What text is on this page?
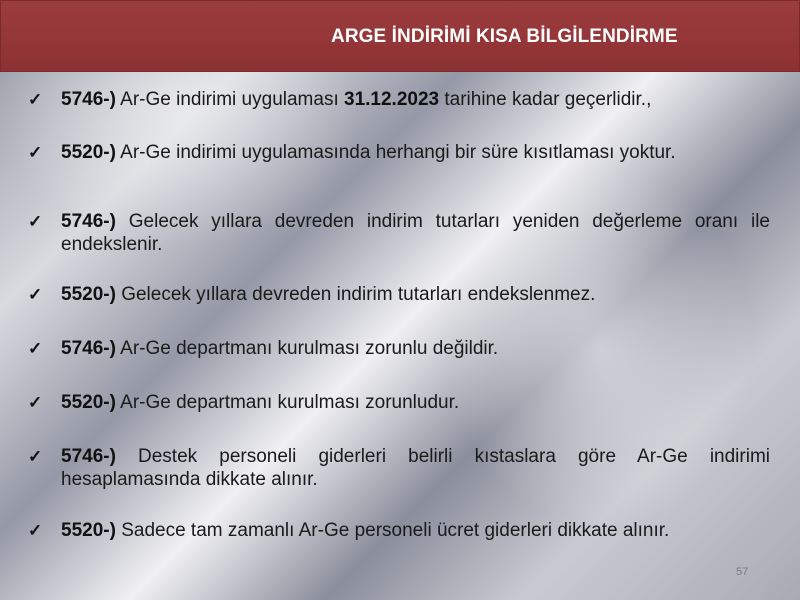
ARGE İNDİRİMİ KISA BİLGİLENDİRME
✓ 5746-) Ar-Ge indirimi uygulaması 31.12.2023 tarihine kadar geçerlidir.,
✓ 5520-) Ar-Ge indirimi uygulamasında herhangi bir süre kısıtlaması yoktur.
✓ 5746-) Gelecek yıllara devreden indirim tutarları yeniden değerleme oranı ile endekslenir.
✓ 5520-) Gelecek yıllara devreden indirim tutarları endekslenmez.
✓ 5746-) Ar-Ge departmanı kurulması zorunlu değildir.
✓ 5520-) Ar-Ge departmanı kurulması zorunludur.
✓ 5746-) Destek personeli giderleri belirli kıstaslara göre Ar-Ge indirimi hesaplamasında dikkate alınır.
✓ 5520-) Sadece tam zamanlı Ar-Ge personeli ücret giderleri dikkate alınır.
57
